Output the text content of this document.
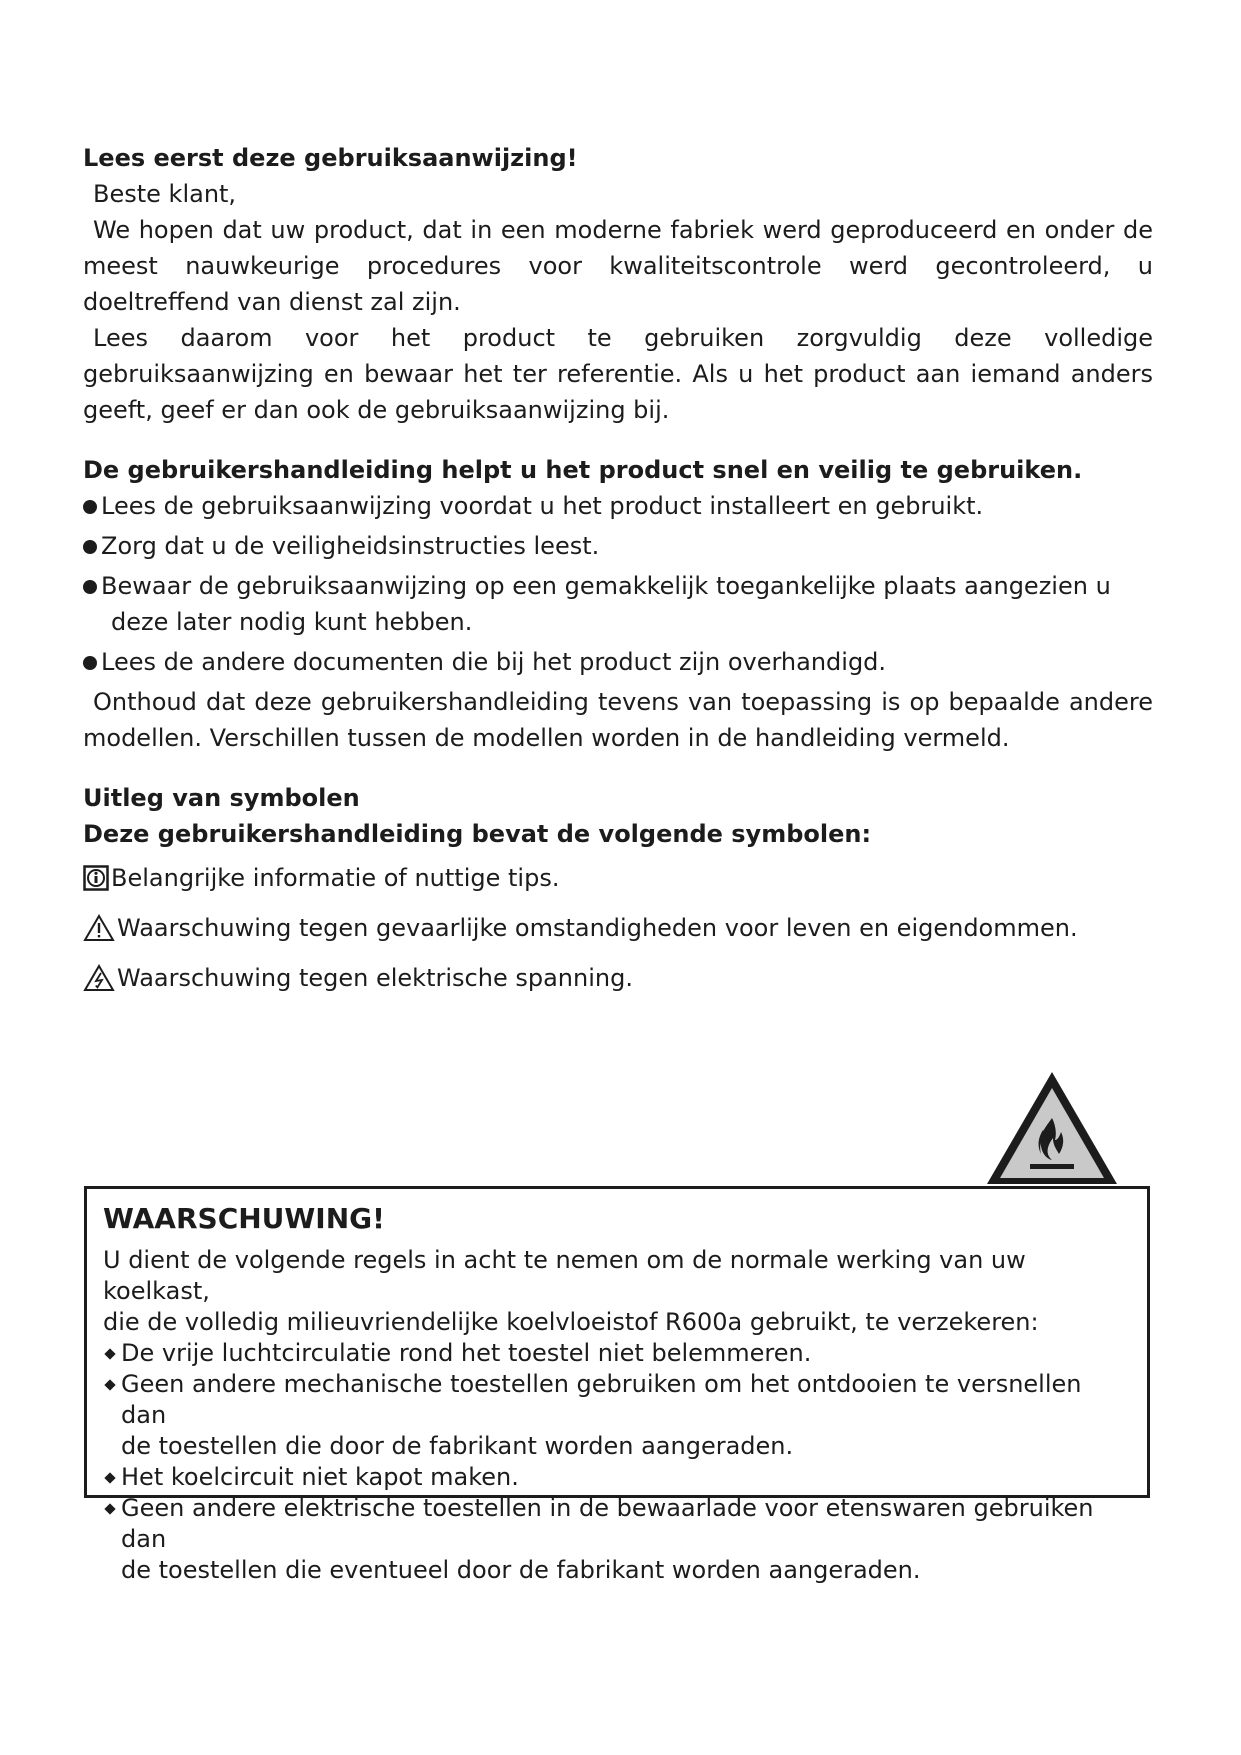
Lees eerst deze gebruiksaanwijzing!

Beste klant,

We hopen dat uw product, dat in een moderne fabriek werd geproduceerd en onder de meest nauwkeurige procedures voor kwaliteitscontrole werd gecontroleerd, u doeltreffend van dienst zal zijn.

Lees daarom voor het product te gebruiken zorgvuldig deze volledige gebruiksaanwijzing en bewaar het ter referentie. Als u het product aan iemand anders geeft, geef er dan ook de gebruiksaanwijzing bij.

De gebruikershandleiding helpt u het product snel en veilig te gebruiken.

Lees de gebruiksaanwijzing voordat u het product installeert en gebruikt.
Zorg dat u de veiligheidsinstructies leest.
Bewaar de gebruiksaanwijzing op een gemakkelijk toegankelijke plaats aangezien u
deze later nodig kunt hebben.
Lees de andere documenten die bij het product zijn overhandigd.

Onthoud dat deze gebruikershandleiding tevens van toepassing is op bepaalde andere modellen. Verschillen tussen de modellen worden in de handleiding vermeld.

Uitleg van symbolen

Deze gebruikershandleiding bevat de volgende symbolen:

Belangrijke informatie of nuttige tips.
Waarschuwing tegen gevaarlijke omstandigheden voor leven en eigendommen.
Waarschuwing tegen elektrische spanning.

WAARSCHUWING!

U dient de volgende regels in acht te nemen om de normale werking van uw koelkast,

die de volledig milieuvriendelijke koelvloeistof R600a gebruikt, te verzekeren:

De vrije luchtcirculatie rond het toestel niet belemmeren.
Geen andere mechanische toestellen gebruiken om het ontdooien te versnellen dan
de toestellen die door de fabrikant worden aangeraden.
Het koelcircuit niet kapot maken.
Geen andere elektrische toestellen in de bewaarlade voor etenswaren gebruiken dan
de toestellen die eventueel door de fabrikant worden aangeraden.
